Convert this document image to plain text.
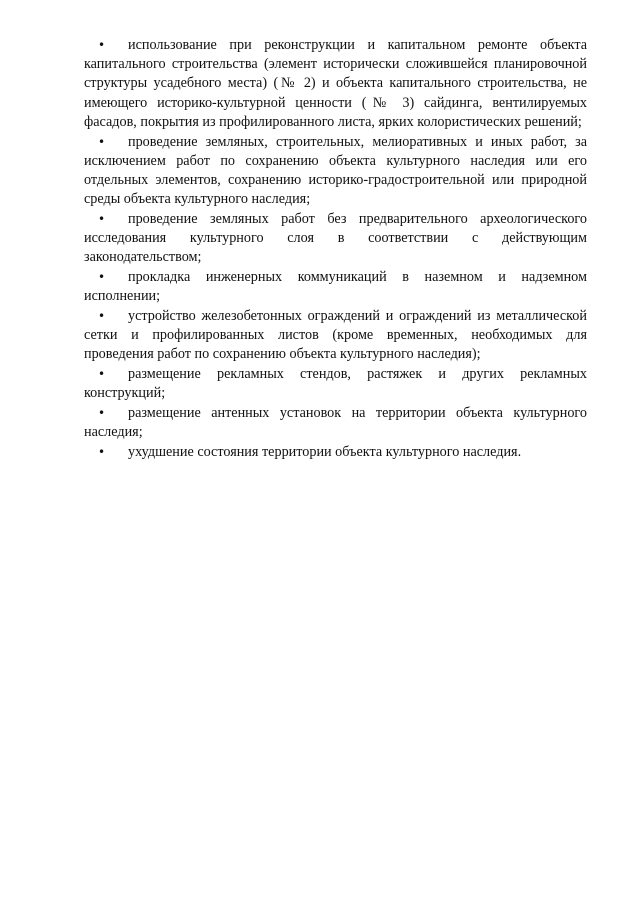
• использование при реконструкции и капитальном ремонте объекта капитального строительства (элемент исторически сложившейся планировочной структуры усадебного места) (№ 2) и объекта капитального строительства, не имеющего историко-культурной ценности (№ 3) сайдинга, вентилируемых фасадов, покрытия из профилированного листа, ярких колористических решений;
• проведение земляных, строительных, мелиоративных и иных работ, за исключением работ по сохранению объекта культурного наследия или его отдельных элементов, сохранению историко-градостроительной или природной среды объекта культурного наследия;
• проведение земляных работ без предварительного археологического исследования культурного слоя в соответствии с действующим законодательством;
• прокладка инженерных коммуникаций в наземном и надземном исполнении;
• устройство железобетонных ограждений и ограждений из металлической сетки и профилированных листов (кроме временных, необходимых для проведения работ по сохранению объекта культурного наследия);
• размещение рекламных стендов, растяжек и других рекламных конструкций;
• размещение антенных установок на территории объекта культурного наследия;
• ухудшение состояния территории объекта культурного наследия.
